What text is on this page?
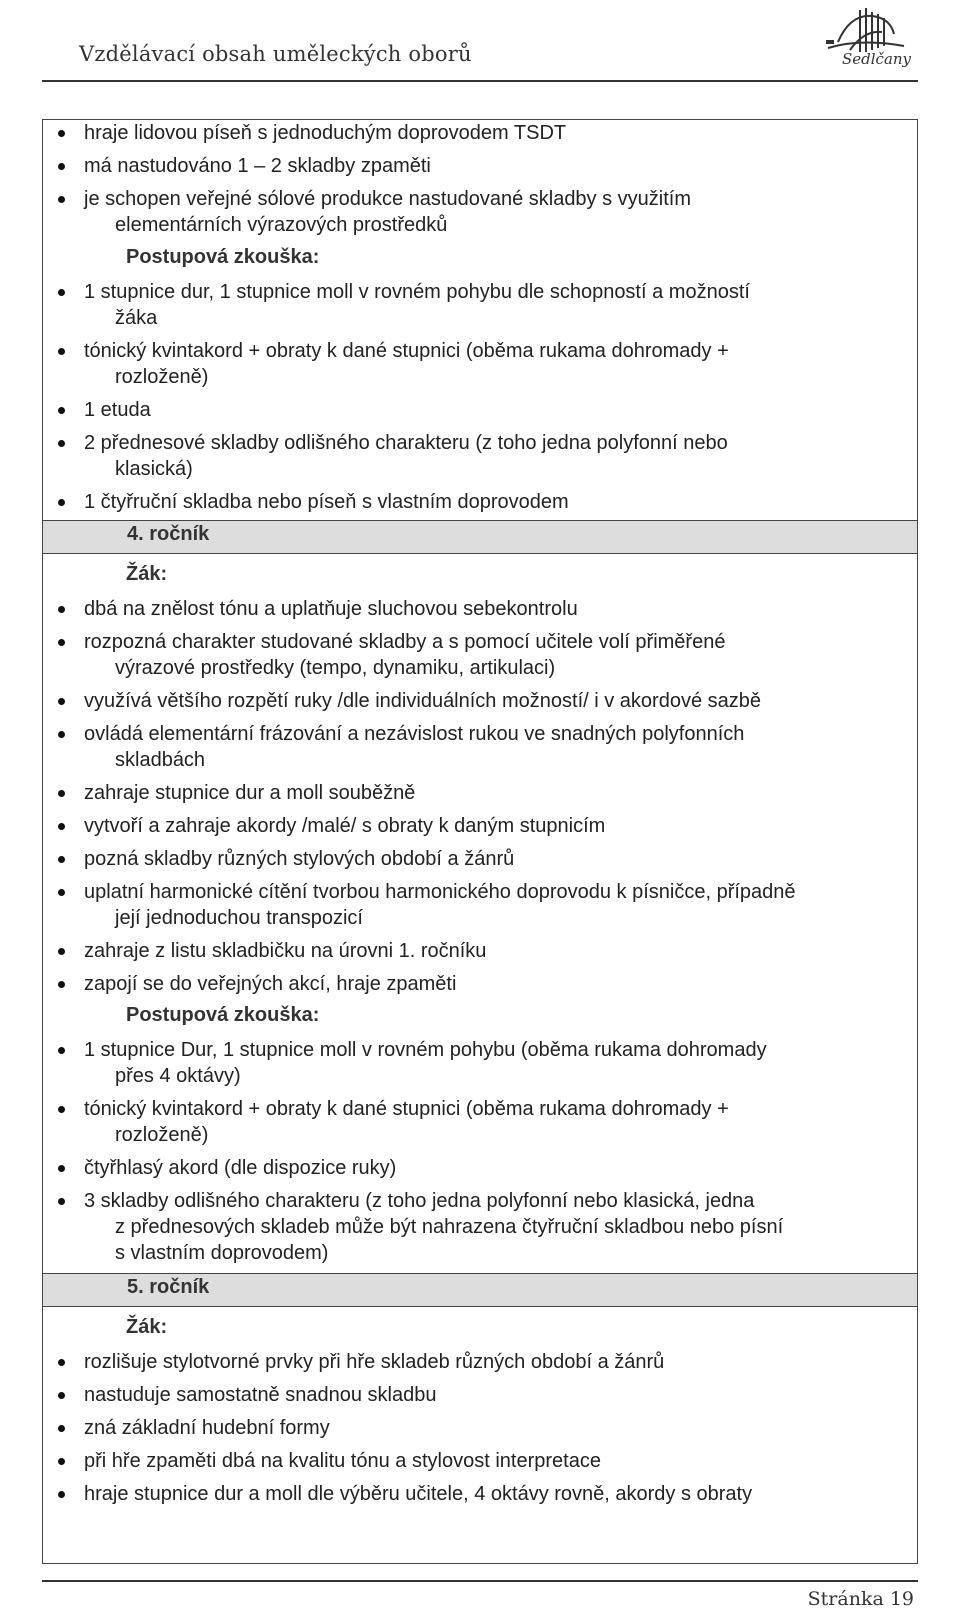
Vzdělávací obsah uměleckých oborů	Sedlčany
hraje lidovou píseň s jednoduchým doprovodem TSDT
má nastudováno 1 – 2 skladby zpaměti
je schopen veřejné sólové produkce nastudované skladby s využitím
elementárních výrazových prostředků
Postupová zkouška:
1 stupnice dur, 1 stupnice moll v rovném pohybu dle schopností a možností
žáka
tónický kvintakord + obraty k dané stupnici (oběma rukama dohromady +
rozloženě)
1 etuda
2 přednesové skladby odlišného charakteru (z toho jedna polyfonní nebo
klasická)
1 čtyřruční skladba nebo píseň s vlastním doprovodem
4. ročník
Žák:
dbá na znělost tónu a uplatňuje sluchovou sebekontrolu
rozpozná charakter studované skladby a s pomocí učitele volí přiměřené
výrazové prostředky (tempo, dynamiku, artikulaci)
využívá většího rozpětí ruky /dle individuálních možností/ i v akordové sazbě
ovládá elementární frázování a nezávislost rukou ve snadných polyfonních
skladbách
zahraje stupnice dur a moll souběžně
vytvoří a zahraje akordy /malé/ s obraty k daným stupnicím
pozná skladby různých stylových období a žánrů
uplatní harmonické cítění tvorbou harmonického doprovodu k písničce, případně
její jednoduchou transpozicí
zahraje z listu skladbičku na úrovni 1. ročníku
zapojí se do veřejných akcí, hraje zpaměti
Postupová zkouška:
1 stupnice Dur, 1 stupnice moll v rovném pohybu (oběma rukama dohromady
přes 4 oktávy)
tónický kvintakord + obraty k dané stupnici (oběma rukama dohromady +
rozloženě)
čtyřhlasý akord (dle dispozice ruky)
3 skladby odlišného charakteru (z toho jedna polyfonní nebo klasická, jedna
z přednesových skladeb může být nahrazena čtyřruční skladbou nebo písní
s vlastním doprovodem)
5. ročník
Žák:
rozlišuje stylotvorné prvky při hře skladeb různých období a žánrů
nastuduje samostatně snadnou skladbu
zná základní hudební formy
při hře zpaměti dbá na kvalitu tónu a stylovost interpretace
hraje stupnice dur a moll dle výběru učitele, 4 oktávy rovně, akordy s obraty
Stránka 19
